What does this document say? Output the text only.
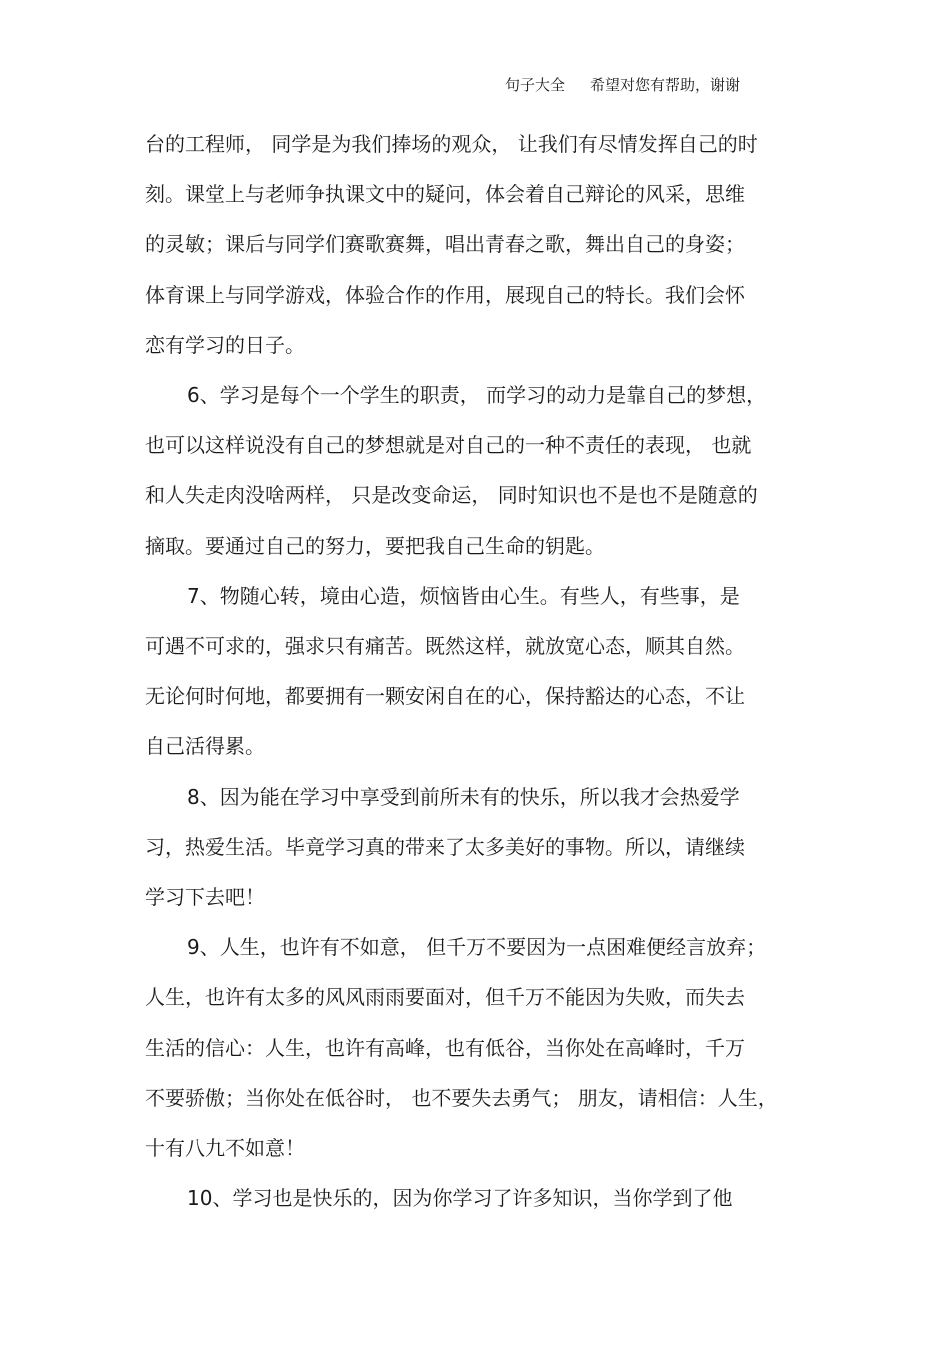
句子大全 希望对您有帮助，谢谢
台的工程师， 同学是为我们捧场的观众， 让我们有尽情发挥自己的时
刻。课堂上与老师争执课文中的疑问，体会着自己辩论的风采，思维
的灵敏；课后与同学们赛歌赛舞，唱出青春之歌，舞出自己的身姿；
体育课上与同学游戏，体验合作的作用，展现自己的特长。我们会怀
恋有学习的日子。
6、学习是每个一个学生的职责， 而学习的动力是靠自己的梦想，
也可以这样说没有自己的梦想就是对自己的一种不责任的表现， 也就
和人失走肉没啥两样， 只是改变命运， 同时知识也不是也不是随意的
摘取。要通过自己的努力，要把我自己生命的钥匙。
7、物随心转，境由心造，烦恼皆由心生。有些人，有些事，是
可遇不可求的，强求只有痛苦。既然这样，就放宽心态，顺其自然。
无论何时何地，都要拥有一颗安闲自在的心，保持豁达的心态，不让
自己活得累。
8、因为能在学习中享受到前所未有的快乐，所以我才会热爱学
习，热爱生活。毕竟学习真的带来了太多美好的事物。所以，请继续
学习下去吧！
9、人生，也许有不如意， 但千万不要因为一点困难便经言放弃；
人生，也许有太多的风风雨雨要面对，但千万不能因为失败，而失去
生活的信心：人生，也许有高峰，也有低谷，当你处在高峰时，千万
不要骄傲；当你处在低谷时， 也不要失去勇气； 朋友，请相信：人生，
十有八九不如意！
10、学习也是快乐的，因为你学习了许多知识，当你学到了他
